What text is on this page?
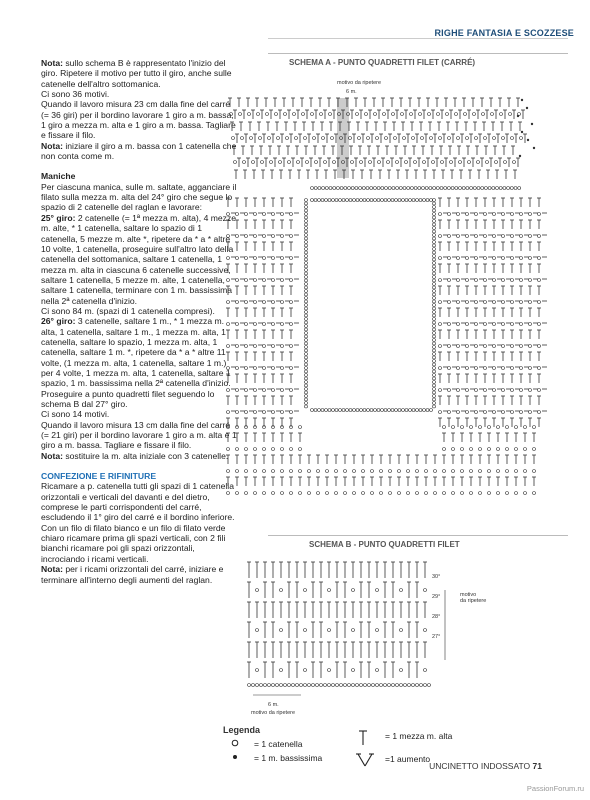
RIGHE FANTASIA E SCOZZESE

Nota: sullo schema B è rappresentato l'inizio del giro. Ripetere il motivo per tutto il giro, anche sulle catenelle dell'altro sottomanica.

Ci sono 36 motivi.

Quando il lavoro misura 23 cm dalla fine del carré (= 36 giri) per il bordino lavorare 1 giro a m. bassa, 1 giro a mezza m. alta e 1 giro a m. bassa. Tagliare e fissare il filo.

Nota: iniziare il giro a m. bassa con 1 catenella che non conta come m.

Maniche

Per ciascuna manica, sulle m. saltate, agganciare il filato sulla mezza m. alta del 24° giro che segue lo spazio di 2 catenelle del raglan e lavorare:

25° giro: 2 catenelle (= 1ª mezza m. alta), 4 mezze m. alte, * 1 catenella, saltare lo spazio di 1 catenella, 5 mezze m. alte *, ripetere da * a * altre 10 volte, 1 catenella, proseguire sull'altro lato della catenella del sottomanica, saltare 1 catenella, 1 mezza m. alta in ciascuna 6 catenelle successive, saltare 1 catenella, 5 mezze m. alte, 1 catenella, saltare 1 catenella, terminare con 1 m. bassissima nella 2ª catenella d'inizio.

Ci sono 84 m. (spazi di 1 catenella compresi).

26° giro: 3 catenelle, saltare 1 m., * 1 mezza m. alta, 1 catenella, saltare 1 m., 1 mezza m. alta, 1 catenella, saltare lo spazio, 1 mezza m. alta, 1 catenella, saltare 1 m. *, ripetere da * a * altre 11 volte, (1 mezza m. alta, 1 catenella, saltare 1 m.) per 4 volte, 1 mezza m. alta, 1 catenella, saltare 1 spazio, 1 m. bassissima nella 2ª catenella d'inizio.

Proseguire a punto quadretti filet seguendo lo schema B dal 27° giro.

Ci sono 14 motivi.

Quando il lavoro misura 13 cm dalla fine del carré (= 21 giri) per il bordino lavorare 1 giro a m. alta e 1 giro a m. bassa. Tagliare e fissare il filo.

Nota: sostituire la m. alta iniziale con 3 catenelle.

CONFEZIONE E RIFINITURE

Ricamare a p. catenella tutti gli spazi di 1 catenella orizzontali e verticali del davanti e del dietro, comprese le parti corrispondenti del carré, escludendo il 1° giro del carré e il bordino inferiore. Con un filo di filato bianco e un filo di filato verde chiaro ricamare prima gli spazi verticali, con 2 fili bianchi ricamare poi gli spazi orizzontali, incrociando i ricami verticali.

Nota: per i ricami orizzontali del carré, iniziare e terminare all'interno degli aumenti del raglan.

SCHEMA A - PUNTO QUADRETTI FILET (CARRÉ)
motivo da ripetere
6 m.
SCHEMA B - PUNTO QUADRETTI FILET
30°
29°
28°
27°
motivo da ripetere
6 m.
motivo
da ripetere
Legenda
= 1 catenella
= 1 m. bassissima
= 1 mezza m. alta
=1 aumento
UNCINETTO INDOSSATO 71
PassionForum.ru
